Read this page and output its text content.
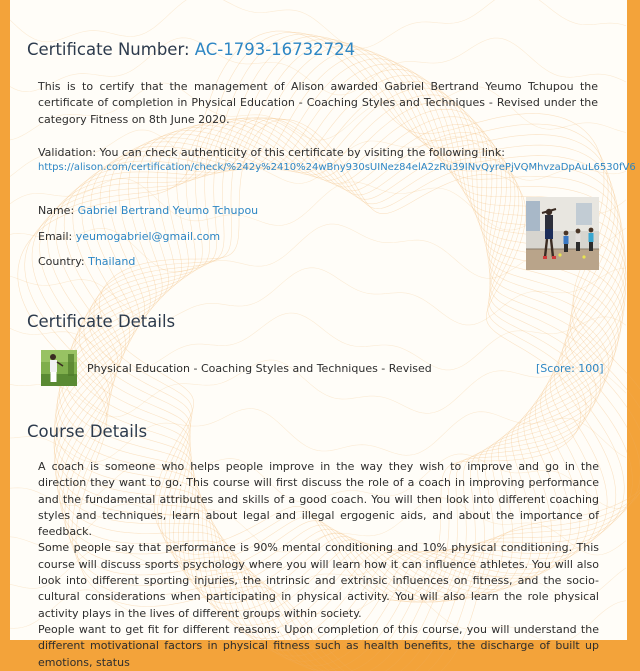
Certificate Number: AC-1793-16732724

This is to certify that the management of Alison awarded Gabriel Bertrand Yeumo Tchupou the certificate of completion in Physical Education - Coaching Styles and Techniques - Revised under the category Fitness on 8th June 2020.

Validation: You can check authenticity of this certificate by visiting the following link:
https://alison.com/certification/check/%242y%2410%24wBny930sUINez84elA2zRu39INvQyrePjVQMhvzaDpAuL6530fV6
Name: Gabriel Bertrand Yeumo Tchupou
Email: yeumogabriel@gmail.com
Country: Thailand
Certificate Details
Physical Education - Coaching Styles and Techniques - Revised	[Score: 100]
Course Details

A coach is someone who helps people improve in the way they wish to improve and go in the direction they want to go. This course will first discuss the role of a coach in improving performance and the fundamental attributes and skills of a good coach. You will then look into different coaching styles and techniques, learn about legal and illegal ergogenic aids, and about the importance of feedback.

Some people say that performance is 90% mental conditioning and 10% physical conditioning. This course will discuss sports psychology where you will learn how it can influence athletes. You will also look into different sporting injuries, the intrinsic and extrinsic influences on fitness, and the socio-cultural considerations when participating in physical activity. You will also learn the role physical activity plays in the lives of different groups within society.

People want to get fit for different reasons. Upon completion of this course, you will understand the different motivational factors in physical fitness such as health benefits, the discharge of built up emotions, status
